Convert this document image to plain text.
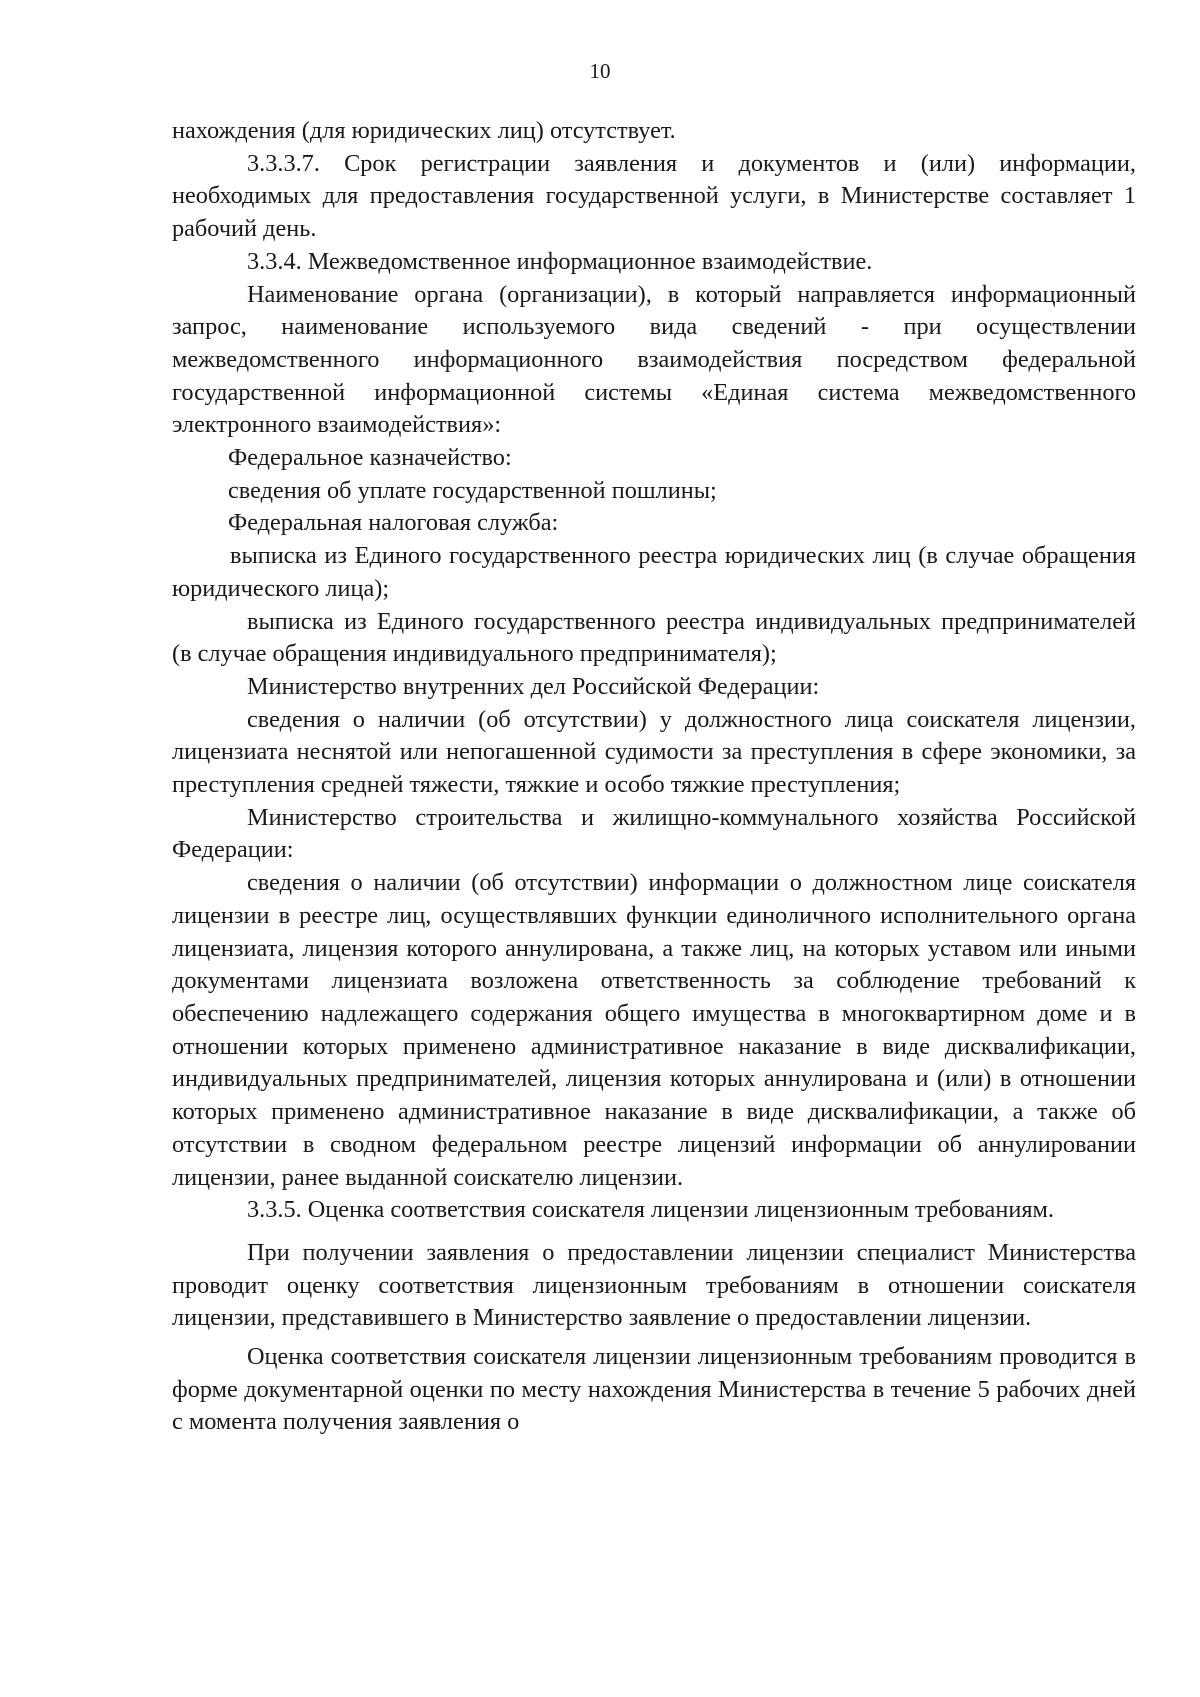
10

нахождения (для юридических лиц) отсутствует.

3.3.3.7. Срок регистрации заявления и документов и (или) информации, необходимых для предоставления государственной услуги, в Министерстве составляет 1 рабочий день.

3.3.4. Межведомственное информационное взаимодействие.

Наименование органа (организации), в который направляется информационный запрос, наименование используемого вида сведений - при осуществлении межведомственного информационного взаимодействия посредством федеральной государственной информационной системы «Единая система межведомственного электронного взаимодействия»:

Федеральное казначейство:

сведения об уплате государственной пошлины;

Федеральная налоговая служба:

выписка из Единого государственного реестра юридических лиц (в случае обращения юридического лица);

выписка из Единого государственного реестра индивидуальных предпринимателей (в случае обращения индивидуального предпринимателя);

Министерство внутренних дел Российской Федерации:

сведения о наличии (об отсутствии) у должностного лица соискателя лицензии, лицензиата неснятой или непогашенной судимости за преступления в сфере экономики, за преступления средней тяжести, тяжкие и особо тяжкие преступления;

Министерство строительства и жилищно-коммунального хозяйства Российской Федерации:

сведения о наличии (об отсутствии) информации о должностном лице соискателя лицензии в реестре лиц, осуществлявших функции единоличного исполнительного органа лицензиата, лицензия которого аннулирована, а также лиц, на которых уставом или иными документами лицензиата возложена ответственность за соблюдение требований к обеспечению надлежащего содержания общего имущества в многоквартирном доме и в отношении которых применено административное наказание в виде дисквалификации, индивидуальных предпринимателей, лицензия которых аннулирована и (или) в отношении которых применено административное наказание в виде дисквалификации, а также об отсутствии в сводном федеральном реестре лицензий информации об аннулировании лицензии, ранее выданной соискателю лицензии.

3.3.5. Оценка соответствия соискателя лицензии лицензионным требованиям.

При получении заявления о предоставлении лицензии специалист Министерства проводит оценку соответствия лицензионным требованиям в отношении соискателя лицензии, представившего в Министерство заявление о предоставлении лицензии.

Оценка соответствия соискателя лицензии лицензионным требованиям проводится в форме документарной оценки по месту нахождения Министерства в течение 5 рабочих дней с момента получения заявления о
